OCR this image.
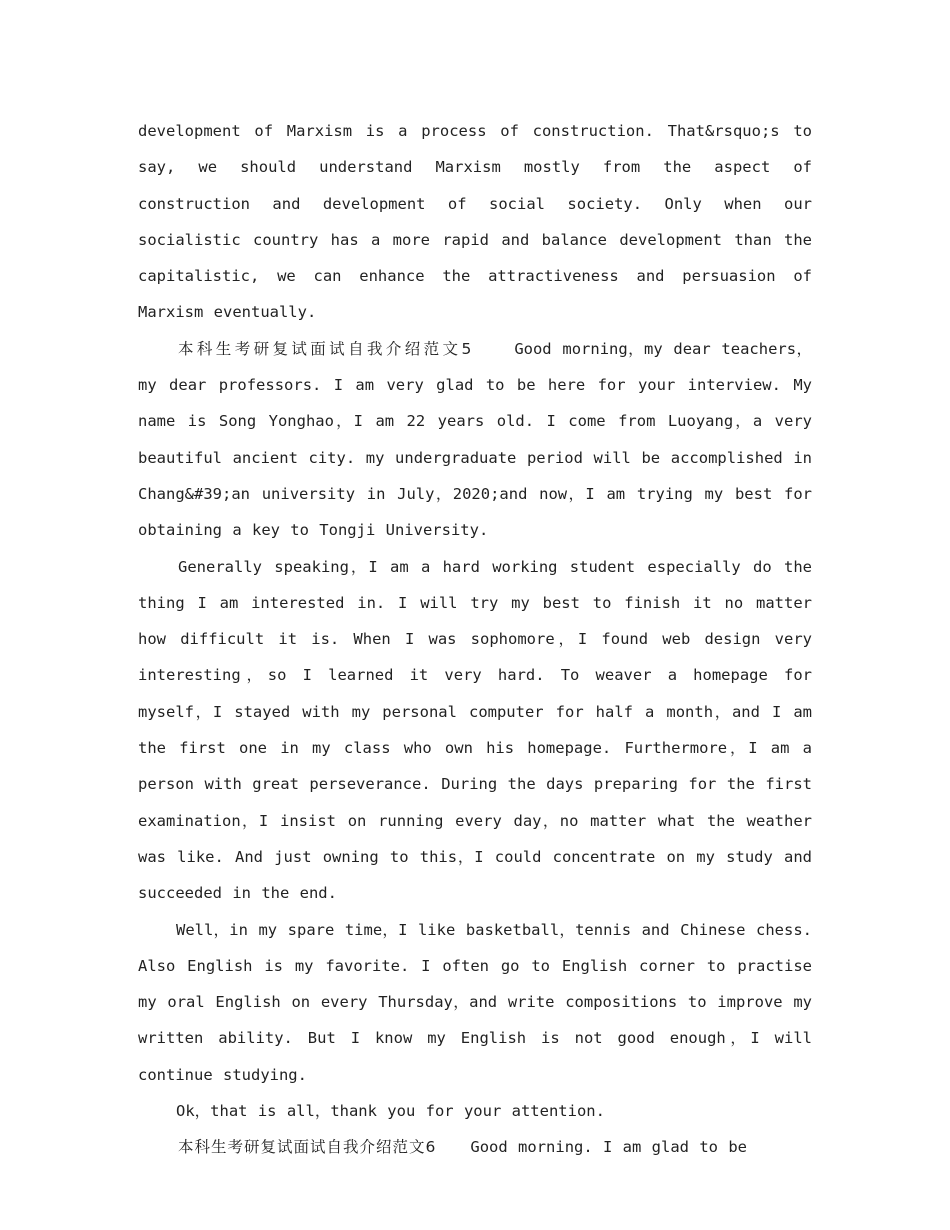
development of Marxism is a process of construction. That&rsquo;s to say, we should understand Marxism mostly from the aspect of construction and development of social society. Only when our socialistic country has a more rapid and balance development than the capitalistic, we can enhance the attractiveness and persuasion of Marxism eventually.

本科生考研复试面试自我介绍范文5	Good morning，my dear teachers，my dear professors. I am very glad to be here for your interview. My name is Song Yonghao，I am 22 years old. I come from Luoyang，a very beautiful ancient city. my undergraduate period will be accomplished in Chang&#39;an university in July，2020;and now，I am trying my best for obtaining a key to Tongji University.

Generally speaking，I am a hard working student especially do the thing I am interested in. I will try my best to finish it no matter how difficult it is. When I was sophomore，I found web design very interesting，so I learned it very hard. To weaver a homepage for myself，I stayed with my personal computer for half a month，and I am the first one in my class who own his homepage. Furthermore，I am a person with great perseverance. During the days preparing for the first examination，I insist on running every day，no matter what the weather was like. And just owning to this，I could concentrate on my study and succeeded in the end.

Well，in my spare time，I like basketball，tennis and Chinese chess. Also English is my favorite. I often go to English corner to practise my oral English on every Thursday，and write compositions to improve my written ability. But I know my English is not good enough，I will continue studying.

Ok，that is all，thank you for your attention.

本科生考研复试面试自我介绍范文6 Good morning. I am glad to be
